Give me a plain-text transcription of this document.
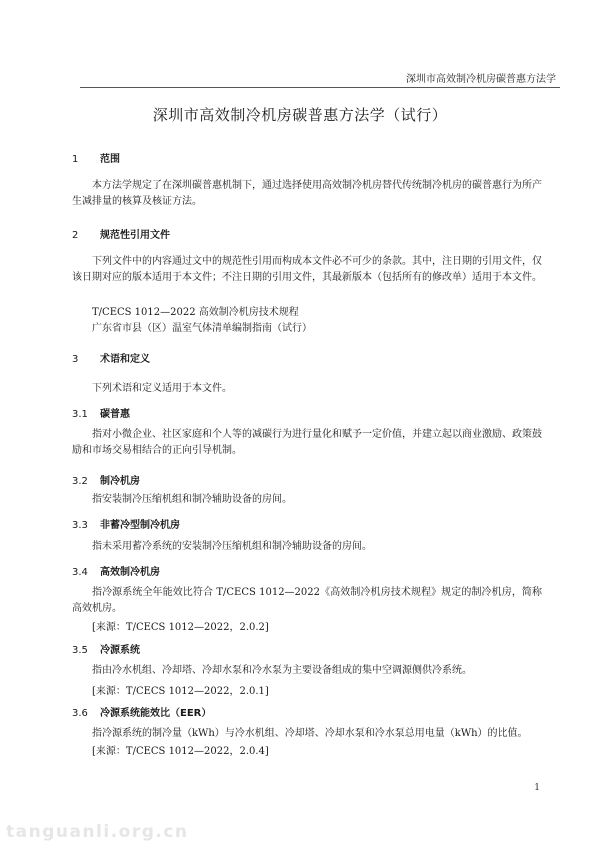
深圳市高效制冷机房碳普惠方法学
深圳市高效制冷机房碳普惠方法学（试行）
1 范围
本方法学规定了在深圳碳普惠机制下，通过选择使用高效制冷机房替代传统制冷机房的碳普惠行为所产生减排量的核算及核证方法。
2 规范性引用文件
下列文件中的内容通过文中的规范性引用而构成本文件必不可少的条款。其中，注日期的引用文件，仅该日期对应的版本适用于本文件；不注日期的引用文件，其最新版本（包括所有的修改单）适用于本文件。
T/CECS 1012—2022 高效制冷机房技术规程
广东省市县（区）温室气体清单编制指南（试行）
3 术语和定义
下列术语和定义适用于本文件。
3.1 碳普惠
指对小微企业、社区家庭和个人等的减碳行为进行量化和赋予一定价值，并建立起以商业激励、政策鼓励和市场交易相结合的正向引导机制。
3.2 制冷机房
指安装制冷压缩机组和制冷辅助设备的房间。
3.3 非蓄冷型制冷机房
指未采用蓄冷系统的安装制冷压缩机组和制冷辅助设备的房间。
3.4 高效制冷机房
指冷源系统全年能效比符合 T/CECS 1012—2022《高效制冷机房技术规程》规定的制冷机房，简称高效机房。
[来源：T/CECS 1012—2022，2.0.2]
3.5 冷源系统
指由冷水机组、冷却塔、冷却水泵和冷水泵为主要设备组成的集中空调源侧供冷系统。
[来源：T/CECS 1012—2022，2.0.1]
3.6 冷源系统能效比（EER）
指冷源系统的制冷量（kWh）与冷水机组、冷却塔、冷却水泵和冷水泵总用电量（kWh）的比值。
[来源：T/CECS 1012—2022，2.0.4]
1
tanguanli.org.cn
